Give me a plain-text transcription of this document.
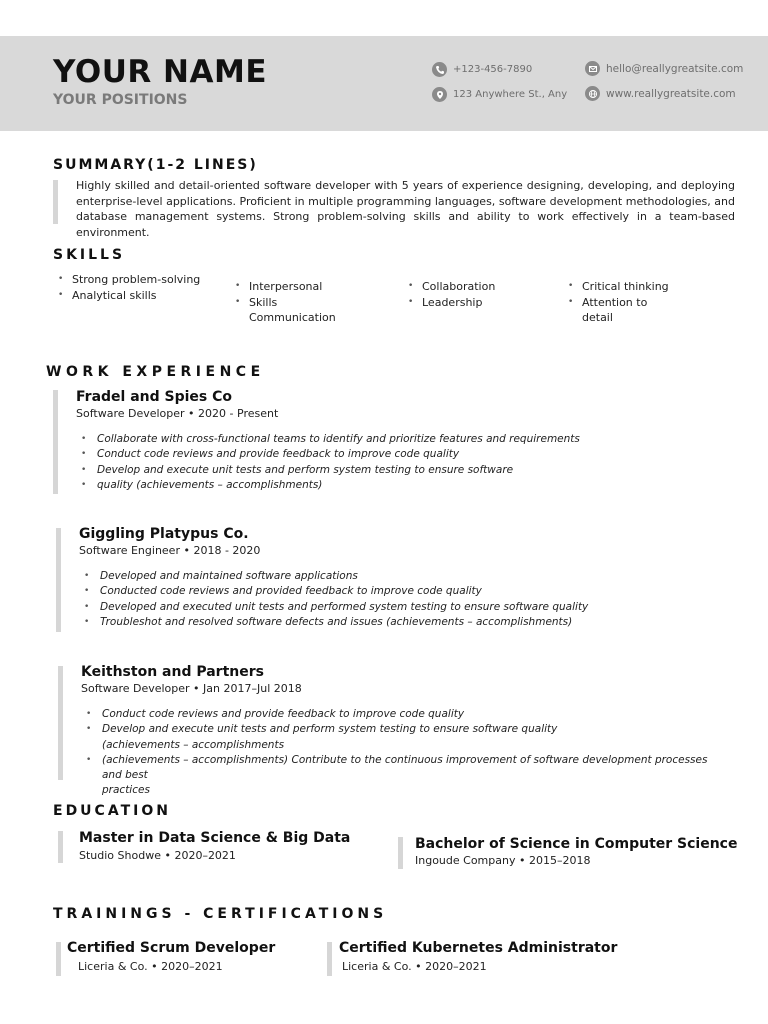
YOUR NAME
YOUR POSITIONS
+123-456-7890
123 Anywhere St., Any
hello@reallygreatsite.com
www.reallygreatsite.com
SUMMARY(1-2 LINES)
Highly skilled and detail-oriented software developer with 5 years of experience designing, developing, and deploying enterprise-level applications. Proficient in multiple programming languages, software development methodologies, and database management systems. Strong problem-solving skills and ability to work effectively in a team-based environment.
SKILLS
• Strong problem-solving
• Analytical skills
• Interpersonal
• Skills
Communication
• Collaboration
• Leadership
• Critical thinking
• Attention to
detail
WORK EXPERIENCE
Fradel and Spies Co
Software Developer • 2020 - Present
• Collaborate with cross-functional teams to identify and prioritize features and requirements
• Conduct code reviews and provide feedback to improve code quality
• Develop and execute unit tests and perform system testing to ensure software
• quality (achievements – accomplishments)
Giggling Platypus Co.
Software Engineer • 2018 - 2020
• Developed and maintained software applications
• Conducted code reviews and provided feedback to improve code quality
• Developed and executed unit tests and performed system testing to ensure software quality
• Troubleshot and resolved software defects and issues (achievements – accomplishments)
Keithston and Partners
Software Developer • Jan 2017–Jul 2018
• Conduct code reviews and provide feedback to improve code quality
• Develop and execute unit tests and perform system testing to ensure software quality
(achievements – accomplishments
• (achievements – accomplishments) Contribute to the continuous improvement of software development processes and best
practices
EDUCATION
Master in Data Science & Big Data
Studio Shodwe • 2020–2021
Bachelor of Science in Computer Science
Ingoude Company • 2015–2018
TRAININGS - CERTIFICATIONS
Certified Scrum Developer
Liceria & Co. • 2020–2021
Certified Kubernetes Administrator
Liceria & Co. • 2020–2021
